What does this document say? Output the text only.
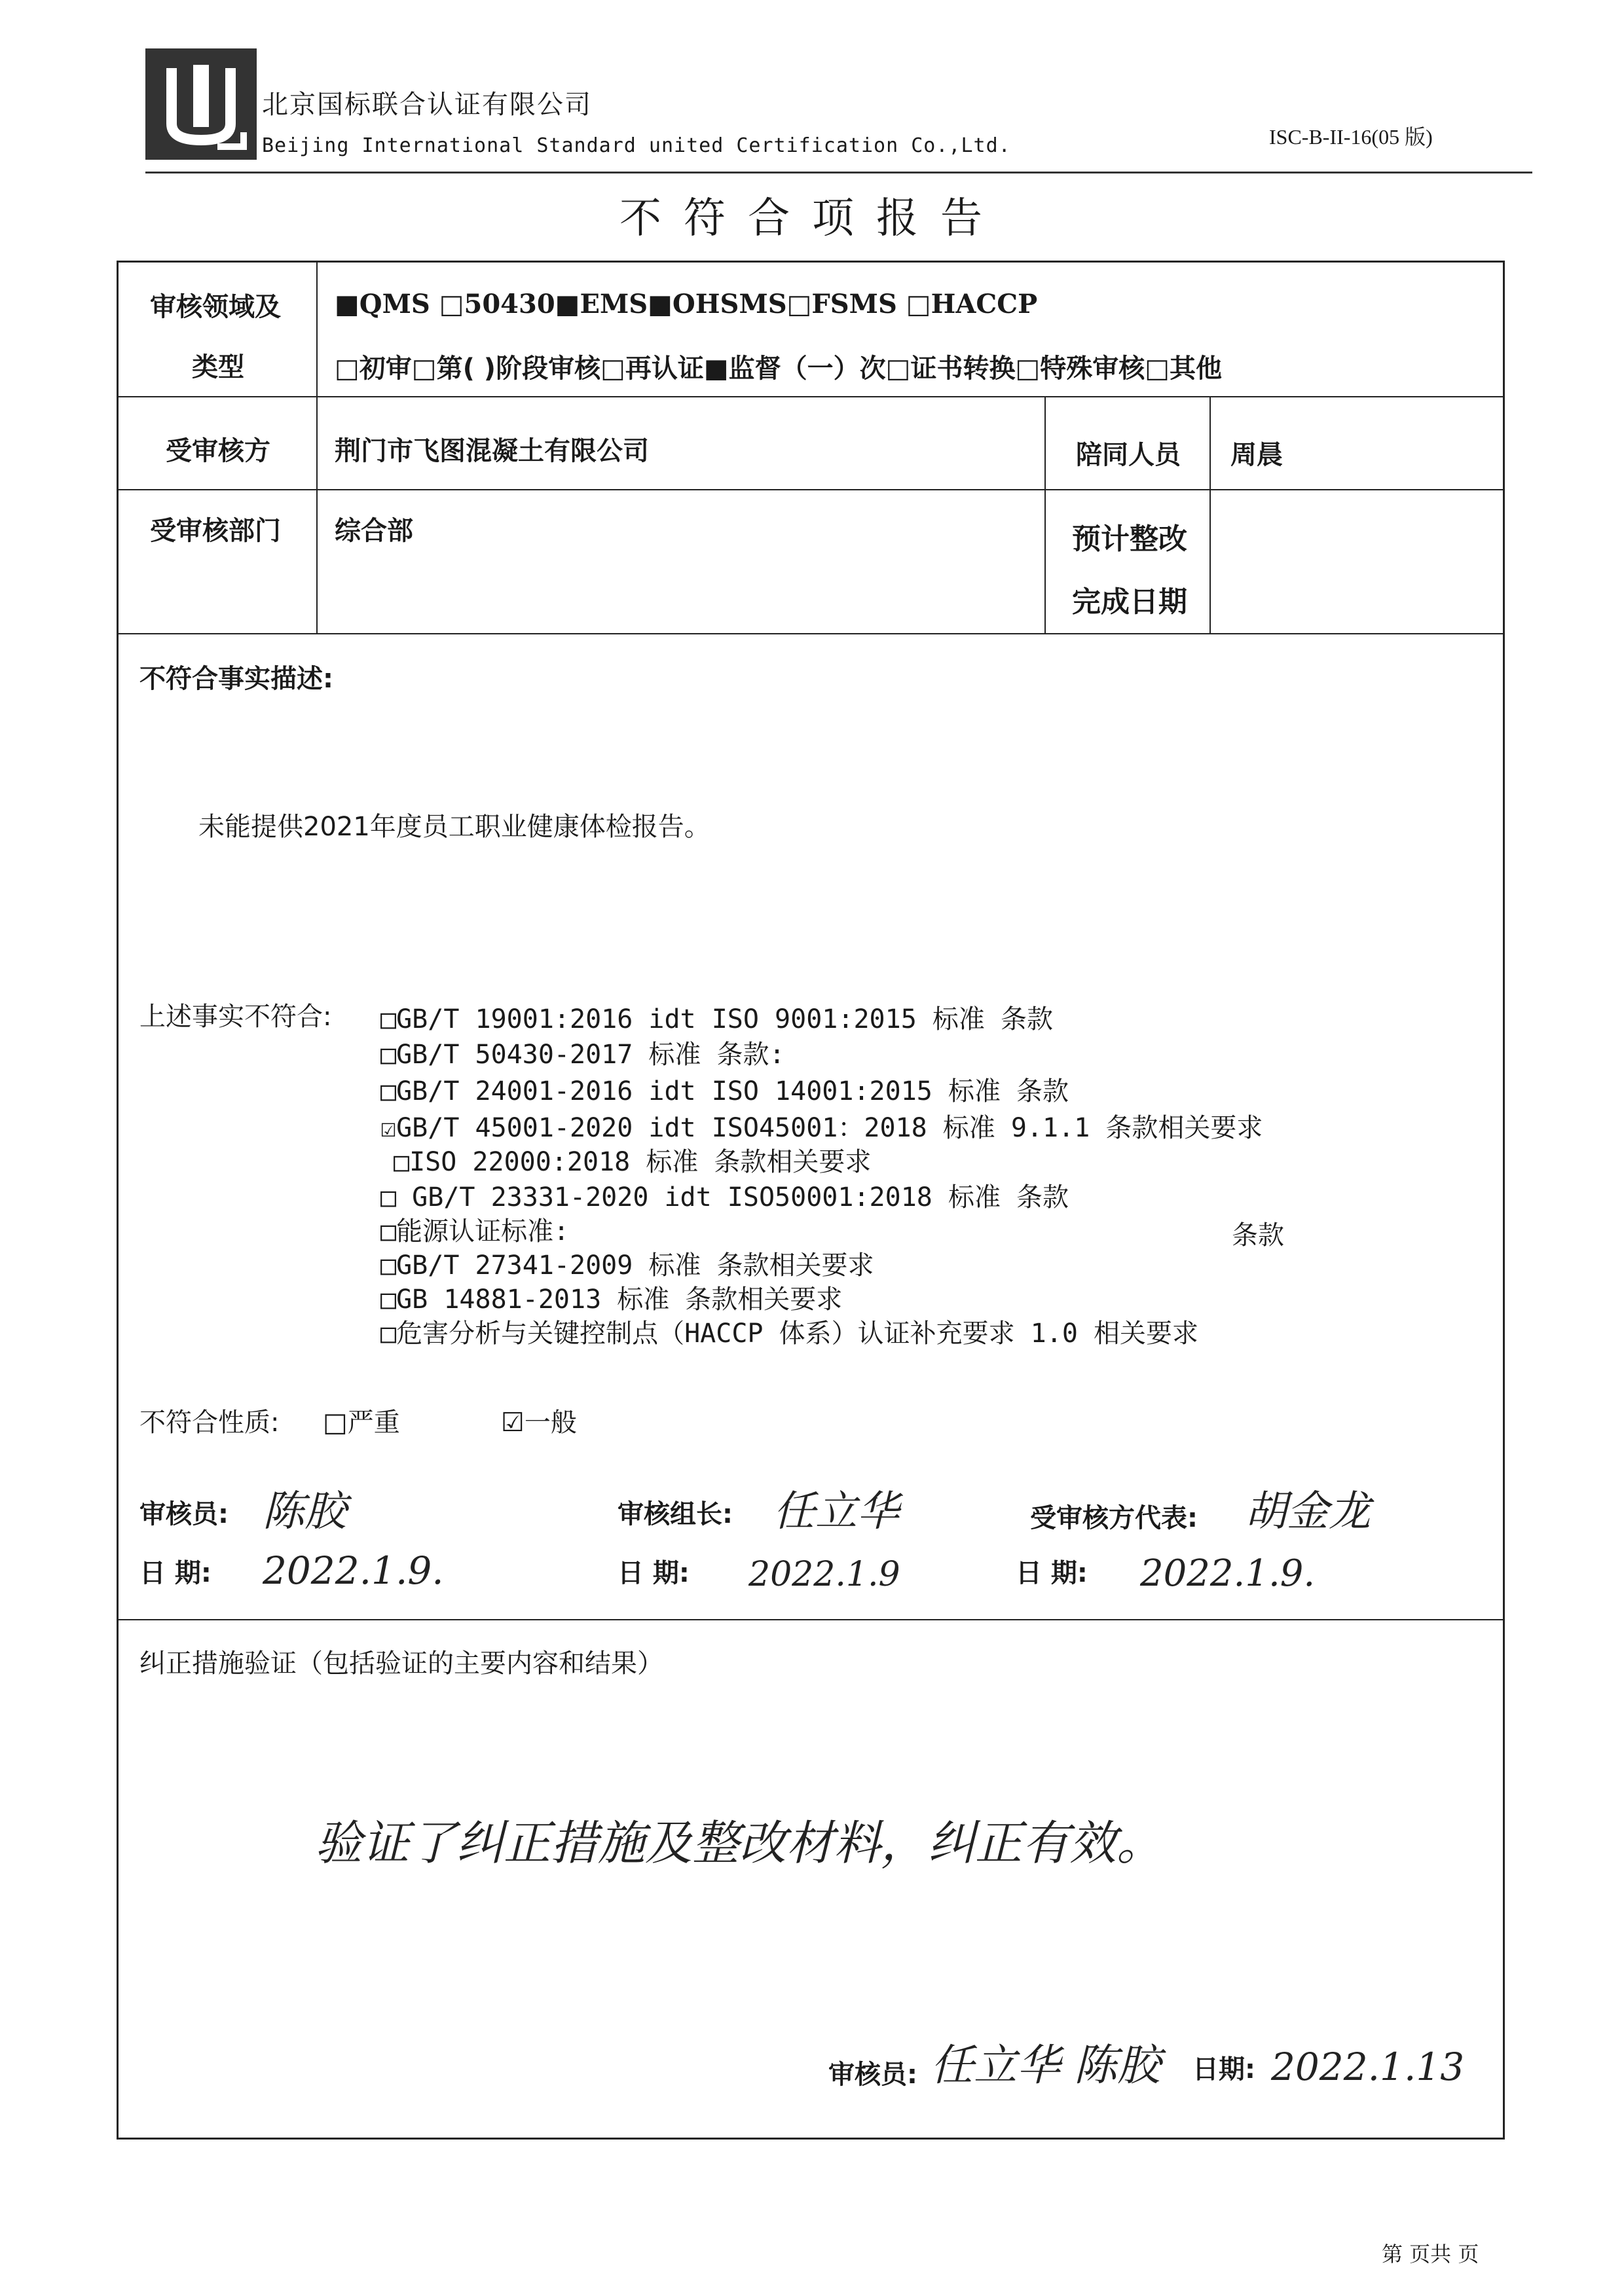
北京国标联合认证有限公司
Beijing International Standard united Certification Co.,Ltd.	ISC-B-II-16(05 版)
不符合项报告
审核领域及
类型
■QMS □50430■EMS■OHSMS□FSMS □HACCP
□初审□第( )阶段审核□再认证■监督（一）次□证书转换□特殊审核□其他
受审核方 荆门市飞图混凝土有限公司	陪同人员 周晨
受审核部门 综合部	预计整改
完成日期
不符合事实描述:
未能提供2021年度员工职业健康体检报告。
上述事实不符合: □GB/T 19001:2016 idt ISO 9001:2015 标准 条款
□GB/T 50430-2017 标准 条款:
□GB/T 24001-2016 idt ISO 14001:2015 标准 条款
☑GB/T 45001-2020 idt ISO45001：2018 标准 9.1.1 条款相关要求
□ISO 22000:2018 标准 条款相关要求
□ GB/T 23331-2020 idt ISO50001:2018 标准 条款
□能源认证标准:	条款
□GB/T 27341-2009 标准 条款相关要求
□GB 14881-2013 标准 条款相关要求
□危害分析与关键控制点（HACCP 体系）认证补充要求 1.0 相关要求
不符合性质: □严重	☑一般
审核员: 陈胶	审核组长: 任立华	受审核方代表: 胡金龙
日 期: 2022.1.9.	日 期: 2022.1.9	日 期: 2022.1.9.
纠正措施验证（包括验证的主要内容和结果）
验证了纠正措施及整改材料，纠正有效。
审核员: 任立华 陈胶 日期: 2022.1.13
第 页共 页
